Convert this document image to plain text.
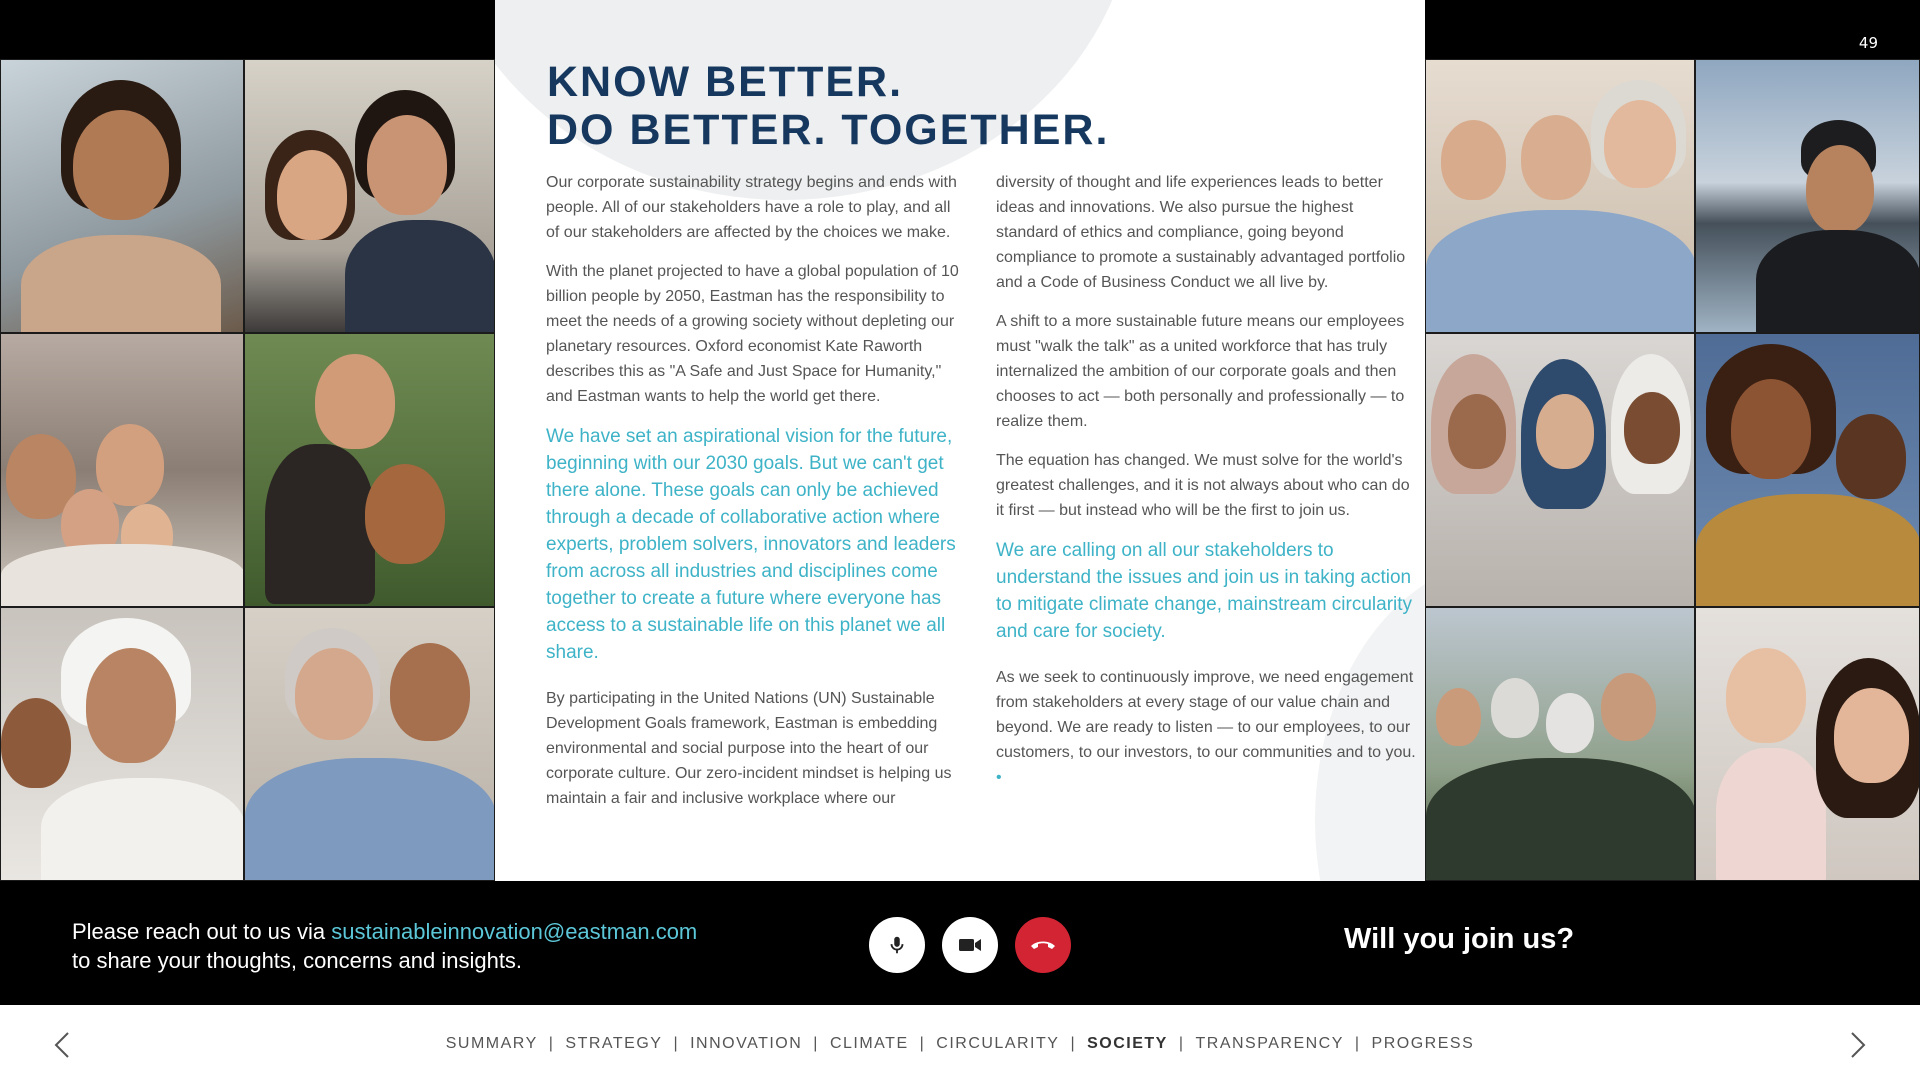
49
KNOW BETTER.
DO BETTER. TOGETHER.

Our corporate sustainability strategy begins and ends with people. All of our stakeholders have a role to play, and all of our stakeholders are affected by the choices we make.

With the planet projected to have a global population of 10 billion people by 2050, Eastman has the responsibility to meet the needs of a growing society without depleting our planetary resources. Oxford economist Kate Raworth describes this as "A Safe and Just Space for Humanity," and Eastman wants to help the world get there.

We have set an aspirational vision for the future, beginning with our 2030 goals. But we can't get there alone. These goals can only be achieved through a decade of collaborative action where experts, problem solvers, innovators and leaders from across all industries and disciplines come together to create a future where everyone has access to a sustainable life on this planet we all share.

By participating in the United Nations (UN) Sustainable Development Goals framework, Eastman is embedding environmental and social purpose into the heart of our corporate culture. Our zero-incident mindset is helping us maintain a fair and inclusive workplace where our

diversity of thought and life experiences leads to better ideas and innovations. We also pursue the highest standard of ethics and compliance, going beyond compliance to promote a sustainably advantaged portfolio and a Code of Business Conduct we all live by.

A shift to a more sustainable future means our employees must "walk the talk" as a united workforce that has truly internalized the ambition of our corporate goals and then chooses to act — both personally and professionally — to realize them.

The equation has changed. We must solve for the world's greatest challenges, and it is not always about who can do it first — but instead who will be the first to join us.

We are calling on all our stakeholders to understand the issues and join us in taking action to mitigate climate change, mainstream circularity and care for society.

As we seek to continuously improve, we need engagement from stakeholders at every stage of our value chain and beyond. We are ready to listen — to our employees, to our customers, to our investors, to our communities and to you. •

Please reach out to us via sustainableinnovation@eastman.com
to share your thoughts, concerns and insights.
Will you join us?
SUMMARY | STRATEGY | INNOVATION | CLIMATE | CIRCULARITY | SOCIETY | TRANSPARENCY | PROGRESS
